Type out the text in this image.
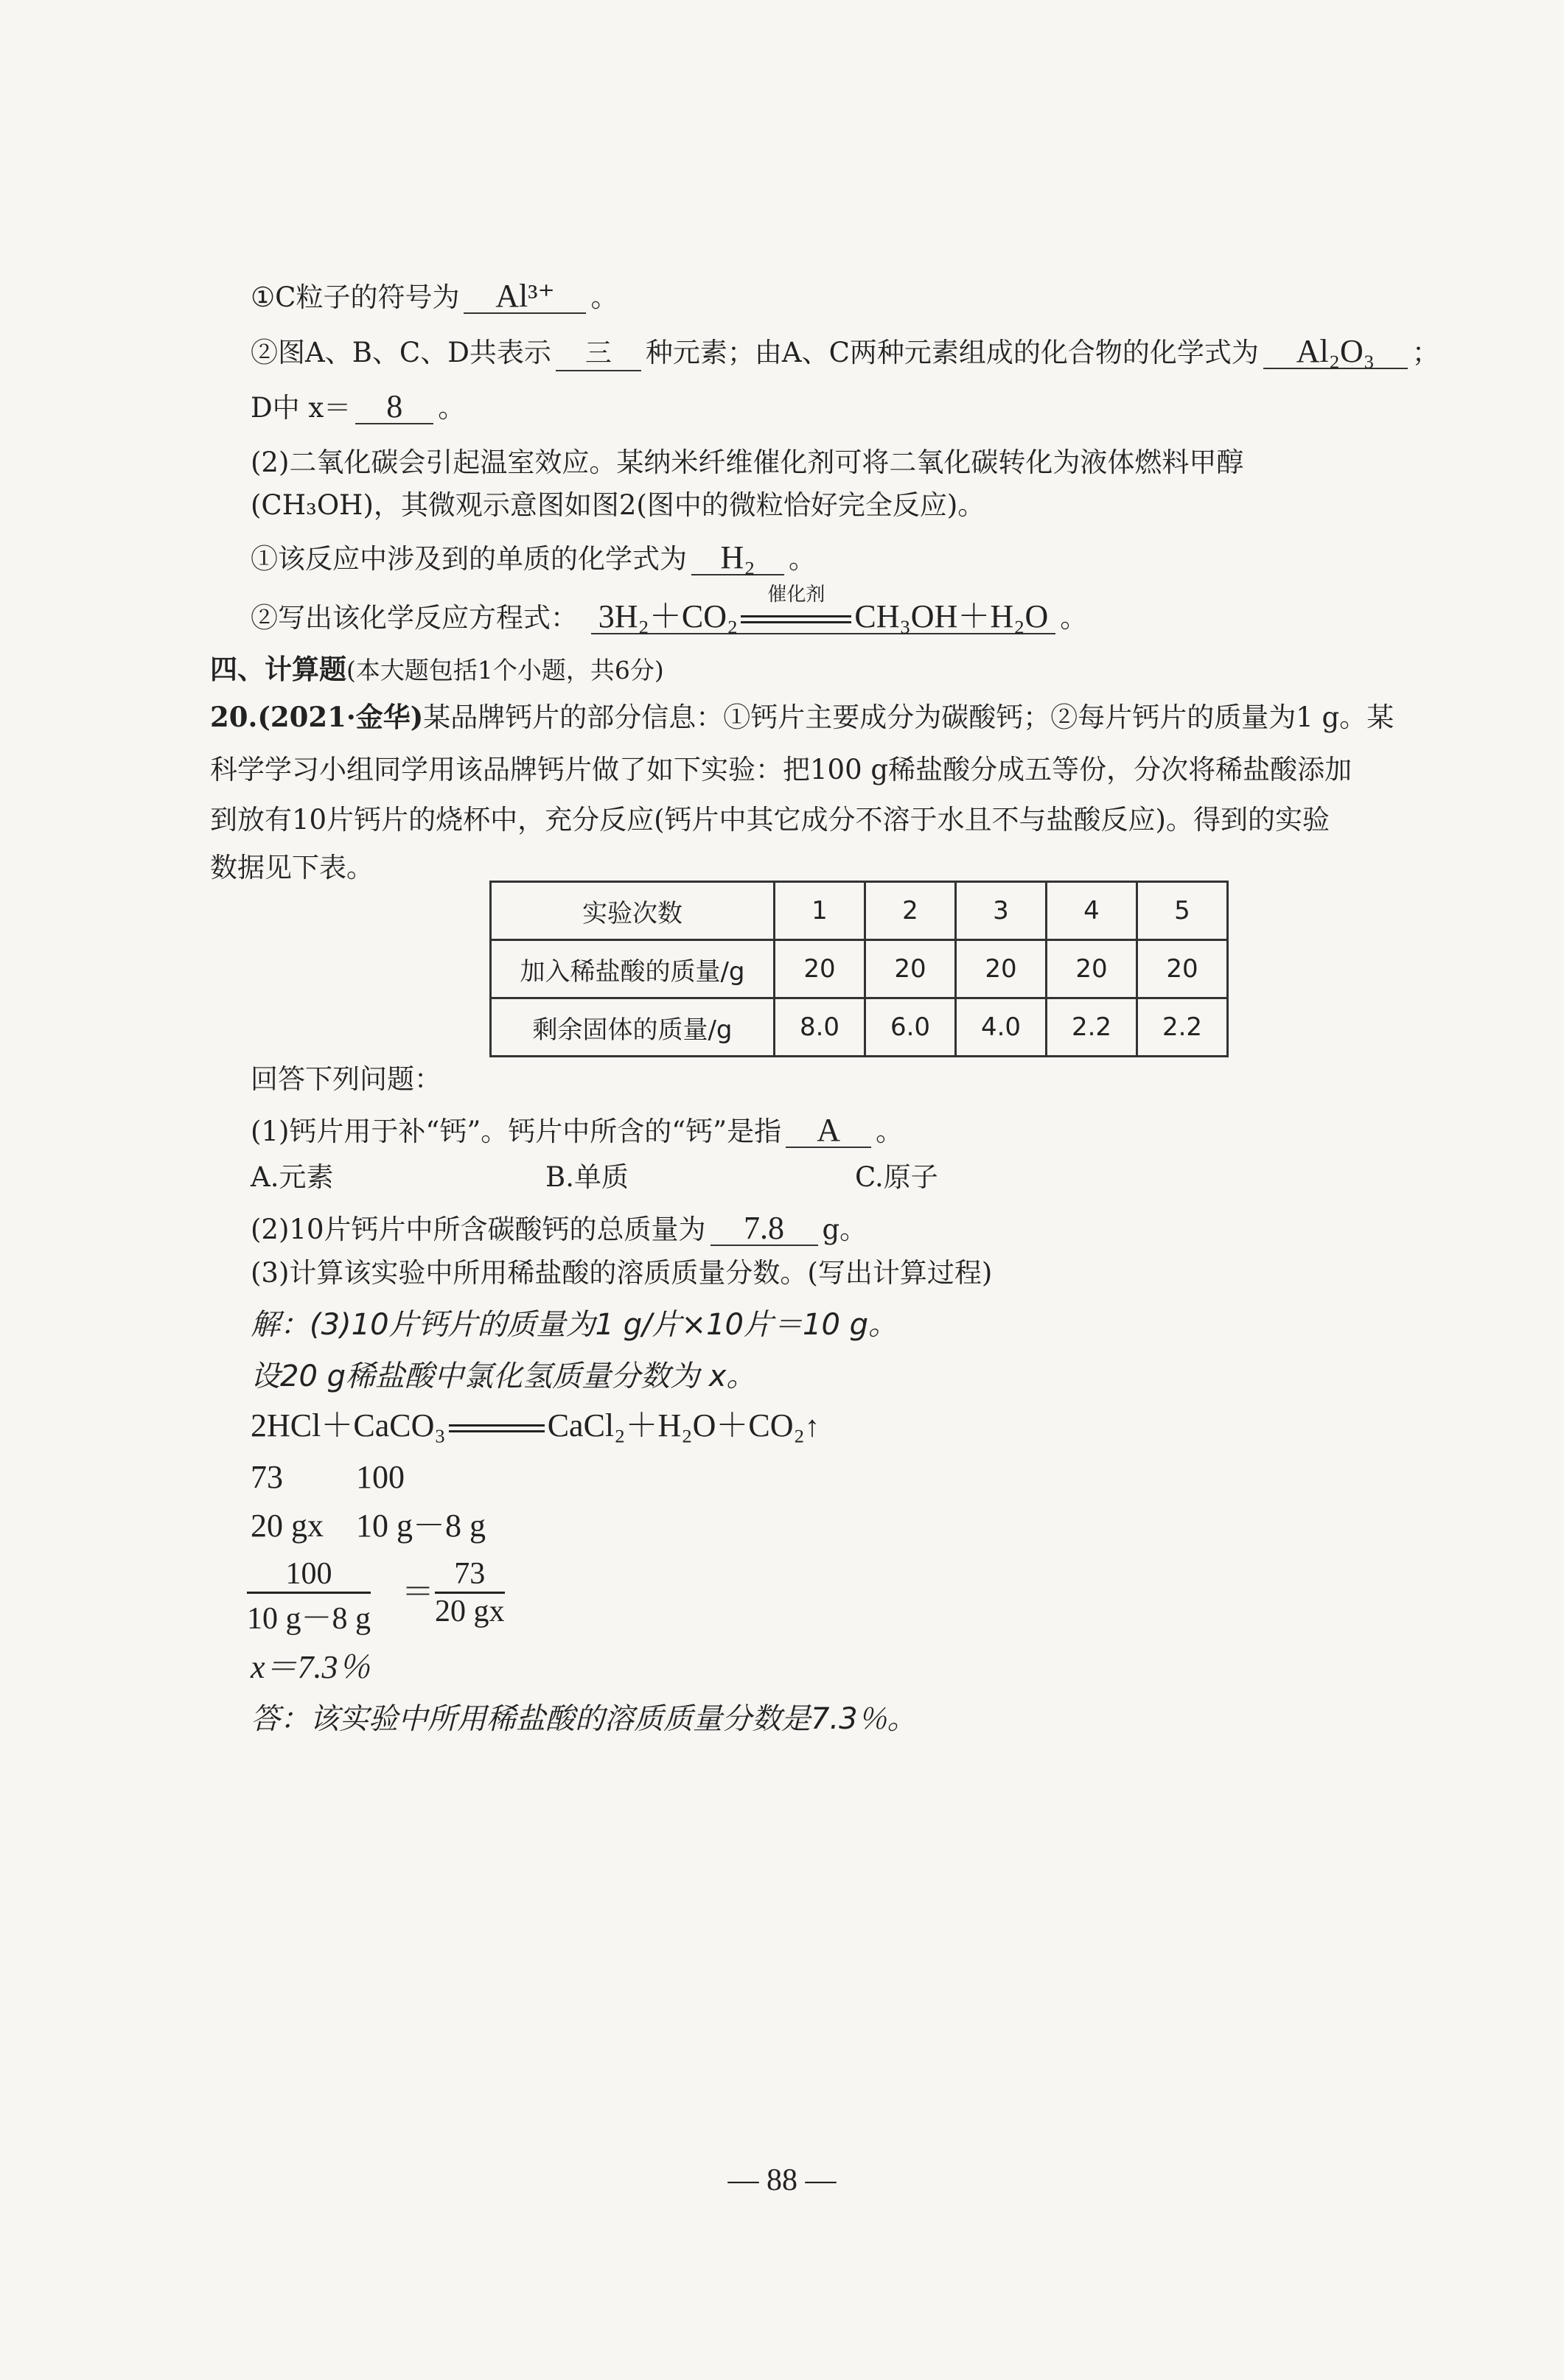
①C粒子的符号为 Al³⁺ 。
②图A、B、C、D共表示 三 种元素；由A、C两种元素组成的化合物的化学式为 Al₂O₃ ；
D中 x＝ 8 。
(2)二氧化碳会引起温室效应。某纳米纤维催化剂可将二氧化碳转化为液体燃料甲醇
(CH₃OH)，其微观示意图如图2(图中的微粒恰好完全反应)。
①该反应中涉及到的单质的化学式为 H₂ 。
②写出该化学反应方程式： 3H₂＋CO₂
催化剂
CH₃OH＋H₂O 。
四、计算题(本大题包括1个小题，共6分)
20.(2021·金华)某品牌钙片的部分信息：①钙片主要成分为碳酸钙；②每片钙片的质量为1 g。某
科学学习小组同学用该品牌钙片做了如下实验：把100 g稀盐酸分成五等份，分次将稀盐酸添加
到放有10片钙片的烧杯中，充分反应(钙片中其它成分不溶于水且不与盐酸反应)。得到的实验
数据见下表。
实验次数	1	2	3	4	5
加入稀盐酸的质量/g	20	20	20	20	20
剩余固体的质量/g	8.0	6.0	4.0	2.2	2.2
回答下列问题：
(1)钙片用于补“钙”。钙片中所含的“钙”是指 A 。
A.元素	B.单质	C.原子
(2)10片钙片中所含碳酸钙的总质量为 7.8 g。
(3)计算该实验中所用稀盐酸的溶质质量分数。(写出计算过程)
解：(3)10片钙片的质量为1 g/片×10片＝10 g。
设20 g稀盐酸中氯化氢质量分数为 x。
2HCl＋CaCO₃	CaCl₂＋H₂O＋CO₂↑
73　　 100
20 gx　10 g－8 g
$\frac{100}{10 g-8 g} = \frac{73}{20 gx}$
x＝7.3％
答：该实验中所用稀盐酸的溶质质量分数是7.3％。
— 88 —
